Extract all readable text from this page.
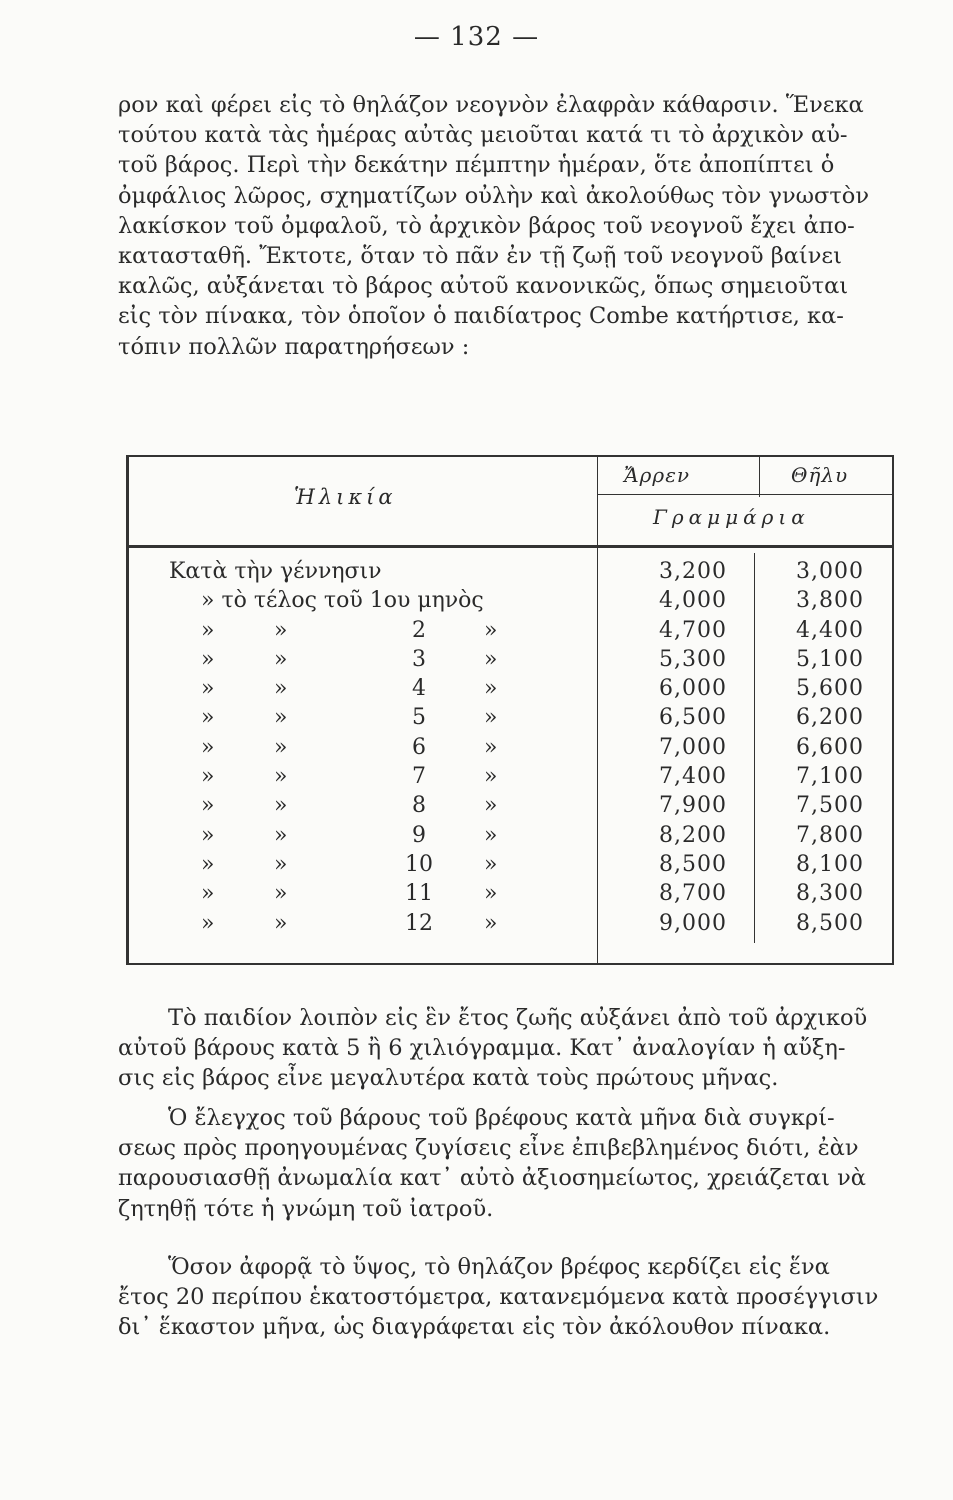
— 132 —

ρον καὶ φέρει εἰς τὸ θηλάζον νεογνὸν ἐλαφρὰν κάθαρσιν. Ἕνεκα
τούτου κατὰ τὰς ἡμέρας αὐτὰς μειοῦται κατά τι τὸ ἀρχικὸν αὐ-
τοῦ βάρος. Περὶ τὴν δεκάτην πέμπτην ἡμέραν, ὅτε ἀποπίπτει ὁ
ὀμφάλιος λῶρος, σχηματίζων οὐλὴν καὶ ἀκολούθως τὸν γνωστὸν
λακίσκον τοῦ ὀμφαλοῦ, τὸ ἀρχικὸν βάρος τοῦ νεογνοῦ ἔχει ἀπο-
κατασταθῆ. Ἔκτοτε, ὅταν τὸ πᾶν ἐν τῇ ζωῇ τοῦ νεογνοῦ βαίνει
καλῶς, αὐξάνεται τὸ βάρος αὐτοῦ κανονικῶς, ὅπως σημειοῦται
εἰς τὸν πίνακα, τὸν ὁποῖον ὁ παιδίατρος Combe κατήρτισε, κα-
τόπιν πολλῶν παρατηρήσεων :

Ἡλικία
Ἄρρεν	Θῆλυ
Γραμμάρια
Κατὰ τὴν γέννησιν	3,200	3,000
» τὸ τέλος τοῦ 1ου μηνὸς	4,000	3,800
»	»	2	»	4,700	4,400
»	»	3	»	5,300	5,100
»	»	4	»	6,000	5,600
»	»	5	»	6,500	6,200
»	»	6	»	7,000	6,600
»	»	7	»	7,400	7,100
»	»	8	»	7,900	7,500
»	»	9	»	8,200	7,800
»	»	10 »	8,500	8,100
»	»	11 »	8,700	8,300
»	»	12 »	9,000	8,500

Τὸ παιδίον λοιπὸν εἰς ἓν ἔτος ζωῆς αὐξάνει ἀπὸ τοῦ ἀρχικοῦ
αὐτοῦ βάρους κατὰ 5 ἢ 6 χιλιόγραμμα. Κατ᾿ ἀναλογίαν ἡ αὔξη-
σις εἰς βάρος εἶνε μεγαλυτέρα κατὰ τοὺς πρώτους μῆνας.

Ὁ ἔλεγχος τοῦ βάρους τοῦ βρέφους κατὰ μῆνα διὰ συγκρί-
σεως πρὸς προηγουμένας ζυγίσεις εἶνε ἐπιβεβλημένος διότι, ἐὰν
παρουσιασθῇ ἀνωμαλία κατ᾿ αὐτὸ ἀξιοσημείωτος, χρειάζεται νὰ
ζητηθῇ τότε ἡ γνώμη τοῦ ἰατροῦ.

Ὅσον ἀφορᾷ τὸ ὕψος, τὸ θηλάζον βρέφος κερδίζει εἰς ἕνα
ἔτος 20 περίπου ἑκατοστόμετρα, κατανεμόμενα κατὰ προσέγγισιν
δι᾿ ἕκαστον μῆνα, ὡς διαγράφεται εἰς τὸν ἀκόλουθον πίνακα.
